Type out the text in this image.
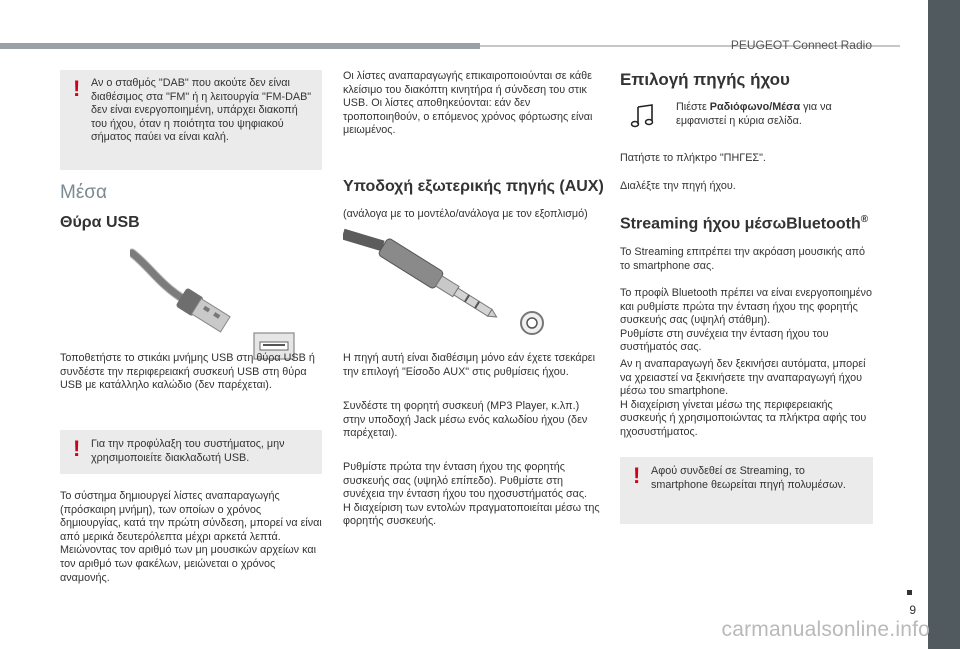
PEUGEOT Connect Radio
9
carmanualsonline.info
! Αν ο σταθμός "DAB" που ακούτε δεν είναι διαθέσιμος στα "FM" ή η λειτουργία "FM-DAB" δεν είναι ενεργοποιημένη, υπάρχει διακοπή του ήχου, όταν η ποιότητα του ψηφιακού σήματος παύει να είναι καλή.
Μέσα
Θύρα USB
Τοποθετήστε το στικάκι μνήμης USB στη θύρα USB ή συνδέστε την περιφερειακή συσκευή USB στη θύρα USB με κατάλληλο καλώδιο (δεν παρέχεται).
! Για την προφύλαξη του συστήματος, μην χρησιμοποιείτε διακλαδωτή USB.
Το σύστημα δημιουργεί λίστες αναπαραγωγής (πρόσκαιρη μνήμη), των οποίων ο χρόνος δημιουργίας, κατά την πρώτη σύνδεση, μπορεί να είναι από μερικά δευτερόλεπτα μέχρι αρκετά λεπτά.
Μειώνοντας τον αριθμό των μη μουσικών αρχείων και τον αριθμό των φακέλων, μειώνεται ο χρόνος αναμονής.
Οι λίστες αναπαραγωγής επικαιροποιούνται σε κάθε κλείσιμο του διακόπτη κινητήρα ή σύνδεση του στικ USB. Οι λίστες αποθηκεύονται: εάν δεν τροποποιηθούν, ο επόμενος χρόνος φόρτωσης είναι μειωμένος.
Υποδοχή εξωτερικής πηγής (AUX)
(ανάλογα με το μοντέλο/ανάλογα με τον εξοπλισμό)
Η πηγή αυτή είναι διαθέσιμη μόνο εάν έχετε τσεκάρει την επιλογή "Είσοδο AUX" στις ρυθμίσεις ήχου.
Συνδέστε τη φορητή συσκευή (MP3 Player, κ.λπ.) στην υποδοχή Jack μέσω ενός καλωδίου ήχου (δεν παρέχεται).
Ρυθμίστε πρώτα την ένταση ήχου της φορητής συσκευής σας (υψηλό επίπεδο). Ρυθμίστε στη συνέχεια την ένταση ήχου του ηχοσυστήματός σας.
Η διαχείριση των εντολών πραγματοποιείται μέσω της φορητής συσκευής.
Επιλογή πηγής ήχου
Πιέστε Ραδιόφωνο/Μέσα για να εμφανιστεί η κύρια σελίδα.
Πατήστε το πλήκτρο "ΠΗΓΕΣ".
Διαλέξτε την πηγή ήχου.
Streaming ήχου μέσωBluetooth®
Το Streaming επιτρέπει την ακρόαση μουσικής από το smartphone σας.
Το προφίλ Bluetooth πρέπει να είναι ενεργοποιημένο και ρυθμίστε πρώτα την ένταση ήχου της φορητής συσκευής σας (υψηλή στάθμη).
Ρυθμίστε στη συνέχεια την ένταση ήχου του συστήματός σας.
Αν η αναπαραγωγή δεν ξεκινήσει αυτόματα, μπορεί να χρειαστεί να ξεκινήσετε την αναπαραγωγή ήχου μέσω του smartphone.
Η διαχείριση γίνεται μέσω της περιφερειακής συσκευής ή χρησιμοποιώντας τα πλήκτρα αφής του ηχοσυστήματος.
! Αφού συνδεθεί σε Streaming, το smartphone θεωρείται πηγή πολυμέσων.
